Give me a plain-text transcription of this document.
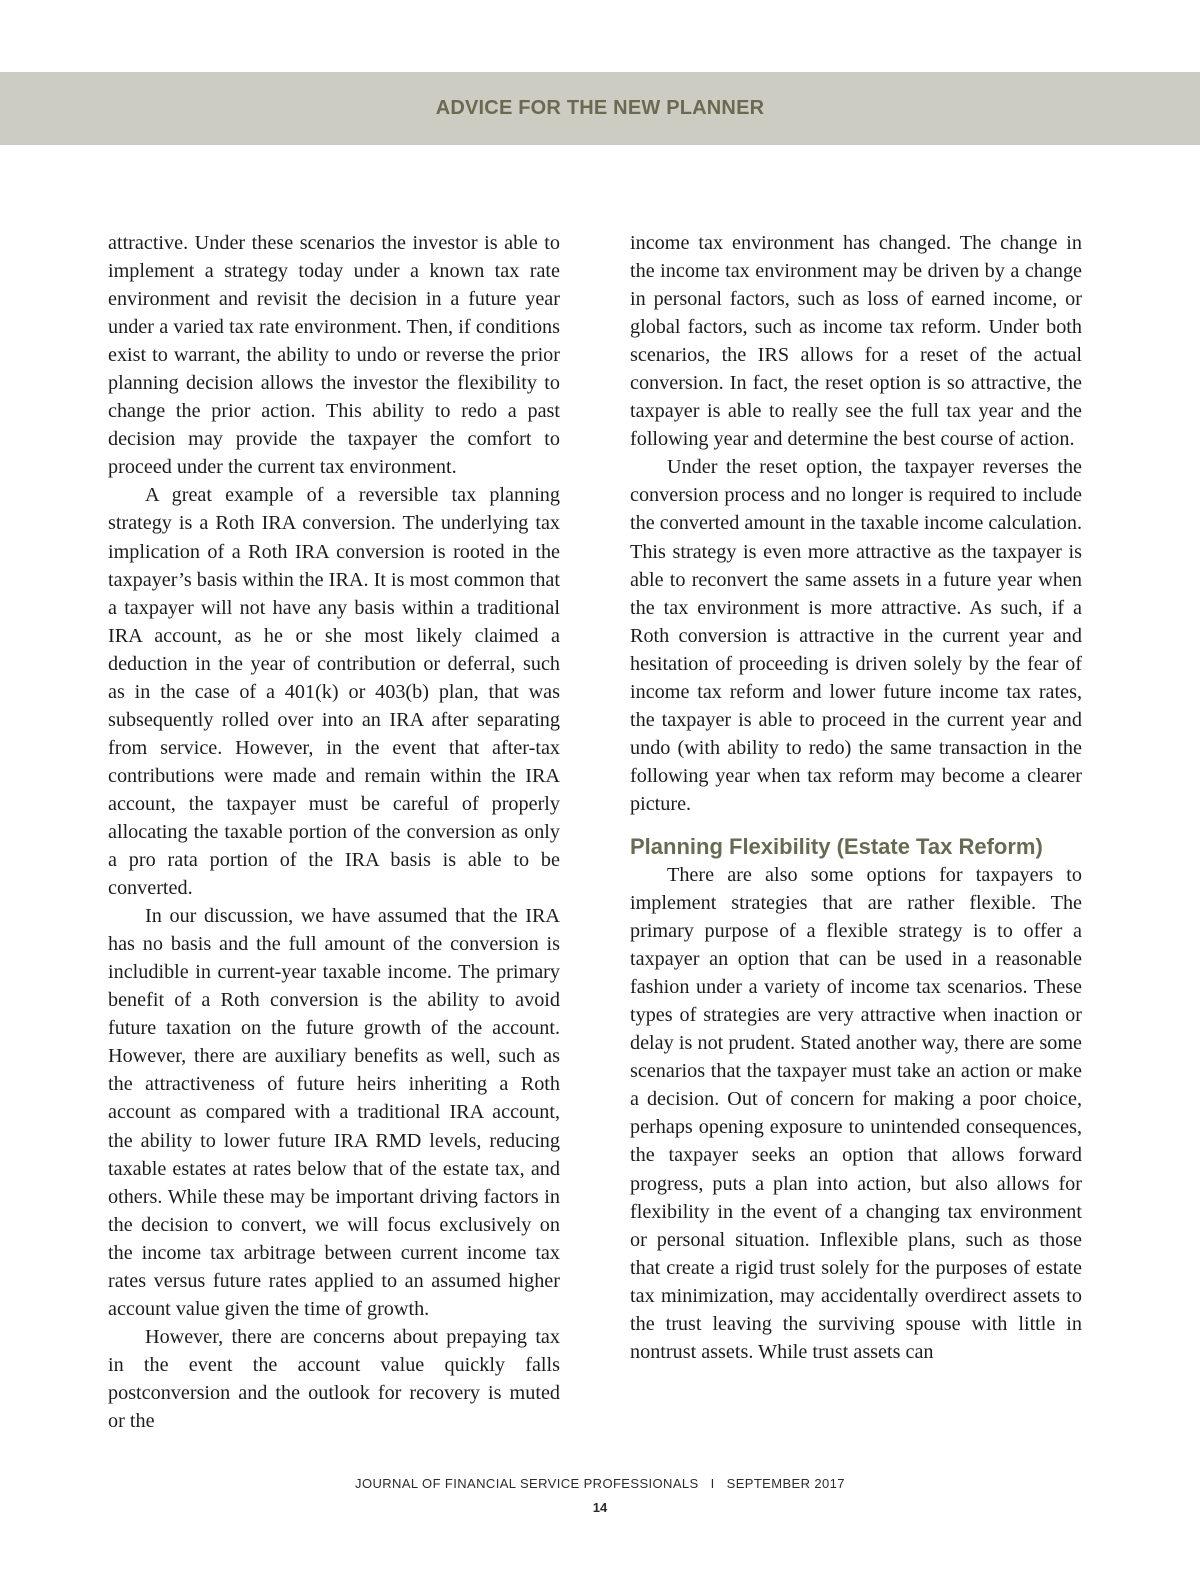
ADVICE FOR THE NEW PLANNER

attractive. Under these scenarios the investor is able to implement a strategy today under a known tax rate environment and revisit the decision in a future year under a varied tax rate environment. Then, if conditions exist to warrant, the ability to undo or reverse the prior planning decision allows the investor the flexibility to change the prior action. This ability to redo a past decision may provide the taxpayer the comfort to proceed under the current tax environment.

A great example of a reversible tax planning strategy is a Roth IRA conversion. The underlying tax implication of a Roth IRA conversion is rooted in the taxpayer’s basis within the IRA. It is most common that a taxpayer will not have any basis within a traditional IRA account, as he or she most likely claimed a deduction in the year of contribution or deferral, such as in the case of a 401(k) or 403(b) plan, that was subsequently rolled over into an IRA after separating from service. However, in the event that after-tax contributions were made and remain within the IRA account, the taxpayer must be careful of properly allocating the taxable portion of the conversion as only a pro rata portion of the IRA basis is able to be converted.

In our discussion, we have assumed that the IRA has no basis and the full amount of the conversion is includible in current-year taxable income. The primary benefit of a Roth conversion is the ability to avoid future taxation on the future growth of the account. However, there are auxiliary benefits as well, such as the attractiveness of future heirs inheriting a Roth account as compared with a traditional IRA account, the ability to lower future IRA RMD levels, reducing taxable estates at rates below that of the estate tax, and others. While these may be important driving factors in the decision to convert, we will focus exclusively on the income tax arbitrage between current income tax rates versus future rates applied to an assumed higher account value given the time of growth.

However, there are concerns about prepaying tax in the event the account value quickly falls postconversion and the outlook for recovery is muted or the

income tax environment has changed. The change in the income tax environment may be driven by a change in personal factors, such as loss of earned income, or global factors, such as income tax reform. Under both scenarios, the IRS allows for a reset of the actual conversion. In fact, the reset option is so attractive, the taxpayer is able to really see the full tax year and the following year and determine the best course of action.

Under the reset option, the taxpayer reverses the conversion process and no longer is required to include the converted amount in the taxable income calculation. This strategy is even more attractive as the taxpayer is able to reconvert the same assets in a future year when the tax environment is more attractive. As such, if a Roth conversion is attractive in the current year and hesitation of proceeding is driven solely by the fear of income tax reform and lower future income tax rates, the taxpayer is able to proceed in the current year and undo (with ability to redo) the same transaction in the following year when tax reform may become a clearer picture.

Planning Flexibility (Estate Tax Reform)

There are also some options for taxpayers to implement strategies that are rather flexible. The primary purpose of a flexible strategy is to offer a taxpayer an option that can be used in a reasonable fashion under a variety of income tax scenarios. These types of strategies are very attractive when inaction or delay is not prudent. Stated another way, there are some scenarios that the taxpayer must take an action or make a decision. Out of concern for making a poor choice, perhaps opening exposure to unintended consequences, the taxpayer seeks an option that allows forward progress, puts a plan into action, but also allows for flexibility in the event of a changing tax environment or personal situation. Inflexible plans, such as those that create a rigid trust solely for the purposes of estate tax minimization, may accidentally overdirect assets to the trust leaving the surviving spouse with little in nontrust assets. While trust assets can

JOURNAL OF FINANCIAL SERVICE PROFESSIONALS I SEPTEMBER 2017
14
